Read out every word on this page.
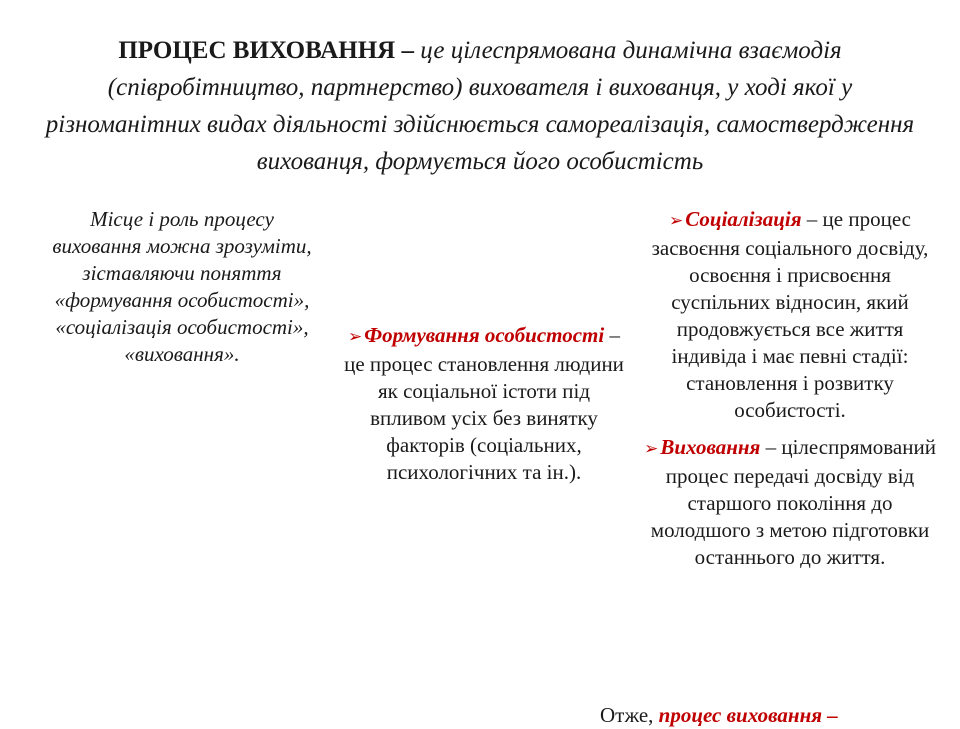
ПРОЦЕС ВИХОВАННЯ – це цілеспрямована динамічна взаємодія (співробітництво, партнерство) вихователя і вихованця, у ході якої у різноманітних видах діяльності здійснюється самореалізація, самоствердження вихованця, формується його особистість
Місце і роль процесу виховання можна зрозуміти, зіставляючи поняття «формування особистості», «соціалізація особистості», «виховання».

➢Формування особистості – це процес становлення людини як соціальної істоти під впливом усіх без винятку факторів (соціальних, психологічних та ін.).

➢Соціалізація – це процес засвоєння соціального досвіду, освоєння і присвоєння суспільних відносин, який продовжується все життя індивіда і має певні стадії: становлення і розвитку особистості.

➢Виховання – цілеспрямований процес передачі досвіду від старшого покоління до молодшого з метою підготовки останнього до життя.

Отже, процес виховання –
